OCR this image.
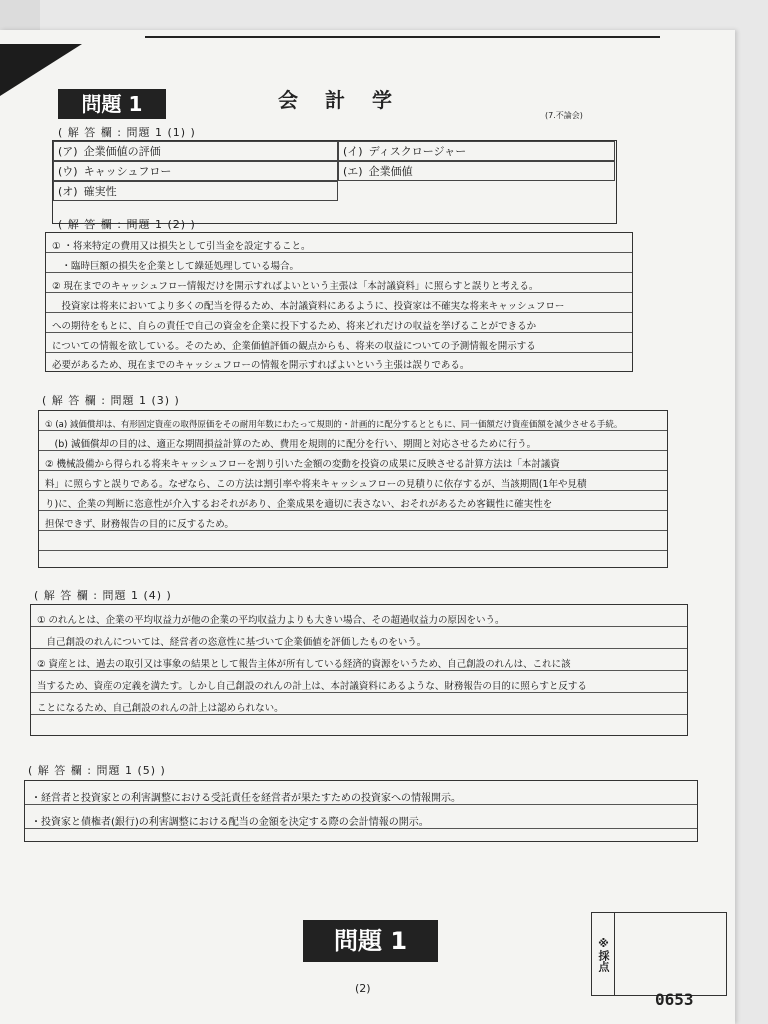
問題 1	会 計 学
(7.不論会)
( 解 答 欄 : 問題 1 (1) )
(ア) 企業価値の評価	(イ) ディスクロージャー
(ウ) キャッシュフロー	(エ) 企業価値
(オ) 確実性
( 解 答 欄 : 問題 1 (2) )
① ・将来特定の費用又は損失として引当金を設定すること。
　・臨時巨額の損失を企業として繰延処理している場合。
② 現在までのキャッシュフロー情報だけを開示すればよいという主張は「本討議資料」に照らすと誤りと考える。
　投資家は将来においてより多くの配当を得るため、本討議資料にあるように、投資家は不確実な将来キャッシュフロー
への期待をもとに、自らの責任で自己の資金を企業に投下するため、将来どれだけの収益を挙げることができるか
についての情報を欲している。そのため、企業価値評価の観点からも、将来の収益についての予測情報を開示する
必要があるため、現在までのキャッシュフローの情報を開示すればよいという主張は誤りである。
( 解 答 欄 : 問題 1 (3) )
① (a) 減価償却は、有形固定資産の取得原価をその耐用年数にわたって規則的・計画的に配分するとともに、同一価額だけ資産価額を減少させる手続。
　(b) 減価償却の目的は、適正な期間損益計算のため、費用を規則的に配分を行い、期間と対応させるために行う。
② 機械設備から得られる将来キャッシュフローを割り引いた金額の変動を投資の成果に反映させる計算方法は「本討議資
料」に照らすと誤りである。なぜなら、この方法は割引率や将来キャッシュフローの見積りに依存するが、当該期間(1年や見積
り)に、企業の判断に恣意性が介入するおそれがあり、企業成果を適切に表さない、おそれがあるため客観性に確実性を
担保できず、財務報告の目的に反するため。
( 解 答 欄 : 問題 1 (4) )
① のれんとは、企業の平均収益力が他の企業の平均収益力よりも大きい場合、その超過収益力の原因をいう。
　自己創設のれんについては、経営者の恣意性に基づいて企業価値を評価したものをいう。
② 資産とは、過去の取引又は事象の結果として報告主体が所有している経済的資源をいうため、自己創設のれんは、これに該
当するため、資産の定義を満たす。しかし自己創設のれんの計上は、本討議資料にあるような、財務報告の目的に照らすと反する
ことになるため、自己創設のれんの計上は認められない。
( 解 答 欄 : 問題 1 (5) )
・経営者と投資家との利害調整における受託責任を経営者が果たすための投資家への情報開示。
・投資家と債権者(銀行)の利害調整における配当の金額を決定する際の会計情報の開示。
問題 1
(2)
※採点
0653
